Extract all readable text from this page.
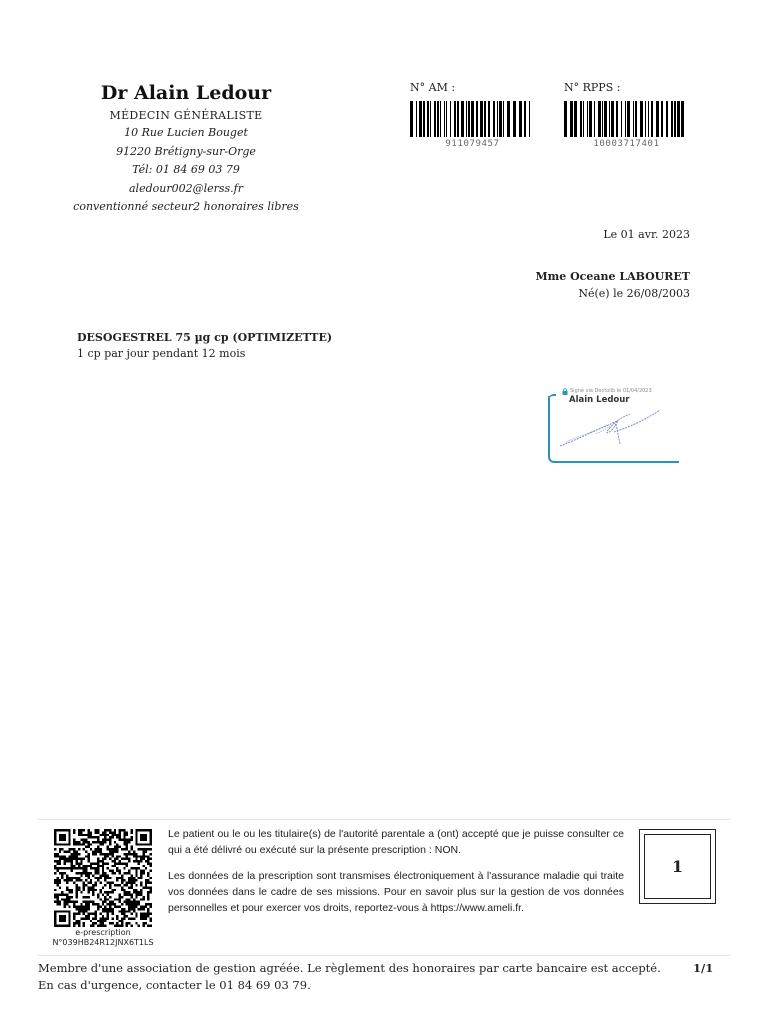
Dr Alain Ledour
MÉDECIN GÉNÉRALISTE
10 Rue Lucien Bouget
91220 Brétigny-sur-Orge
Tél: 01 84 69 03 79
aledour002@lerss.fr
conventionné secteur2 honoraires libres
N° AM :
911079457
N° RPPS :
10003717401
Le 01 avr. 2023
Mme Oceane LABOURET
Né(e) le 26/08/2003
DESOGESTREL 75 µg cp (OPTIMIZETTE)
1 cp par jour pendant 12 mois
Signé via Doctolib le 01/04/2023
Alain Ledour
e-prescription
N°039HB24R12JNX6T1LS

Le patient ou le ou les titulaire(s) de l'autorité parentale a (ont) accepté que je puisse consulter ce qui a été délivré ou exécuté sur la présente prescription : NON.

Les données de la prescription sont transmises électroniquement à l'assurance maladie qui traite vos données dans le cadre de ses missions. Pour en savoir plus sur la gestion de vos données personnelles et pour exercer vos droits, reportez-vous à https://www.ameli.fr.

1
Membre d'une association de gestion agréée. Le règlement des honoraires par carte bancaire est accepté. En cas d'urgence, contacter le 01 84 69 03 79.
1/1
